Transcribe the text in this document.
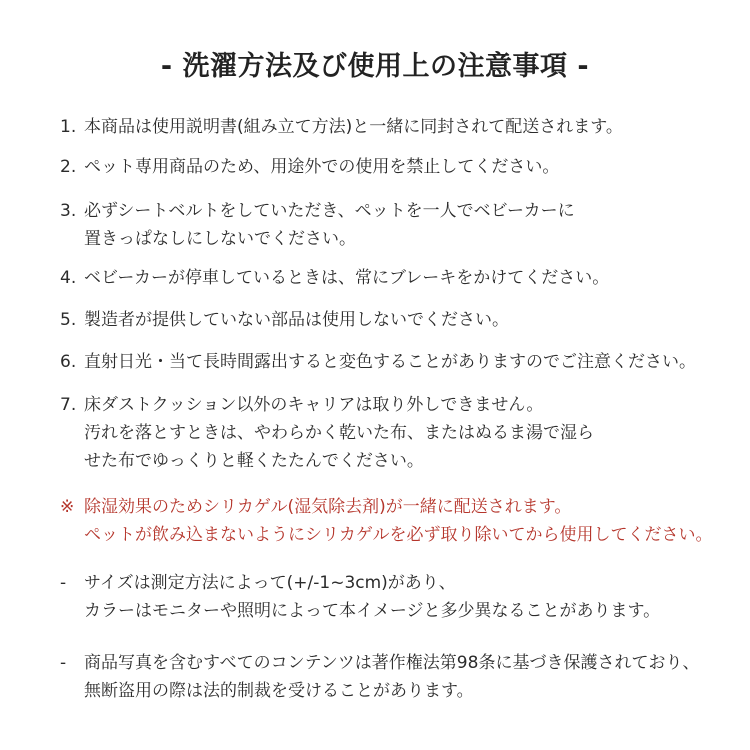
- 洗濯方法及び使用上の注意事項 -
1. 本商品は使用説明書(組み立て方法)と一緒に同封されて配送されます。
2. ペット専用商品のため、用途外での使用を禁止してください。
3. 必ずシートベルトをしていただき、ペットを一人でベビーカーに
置きっぱなしにしないでください。
4. ベビーカーが停車しているときは、常にブレーキをかけてください。
5. 製造者が提供していない部品は使用しないでください。
6. 直射日光・当て長時間露出すると変色することがありますのでご注意ください。
7. 床ダストクッション以外のキャリアは取り外しできません。
汚れを落とすときは、やわらかく乾いた布、またはぬるま湯で湿ら
せた布でゆっくりと軽くたたんでください。
※ 除湿効果のためシリカゲル(湿気除去剤)が一緒に配送されます。
ペットが飲み込まないようにシリカゲルを必ず取り除いてから使用してください。
- サイズは測定方法によって(+/-1~3cm)があり、
カラーはモニターや照明によって本イメージと多少異なることがあります。
- 商品写真を含むすべてのコンテンツは著作権法第98条に基づき保護されており、
無断盗用の際は法的制裁を受けることがあります。
